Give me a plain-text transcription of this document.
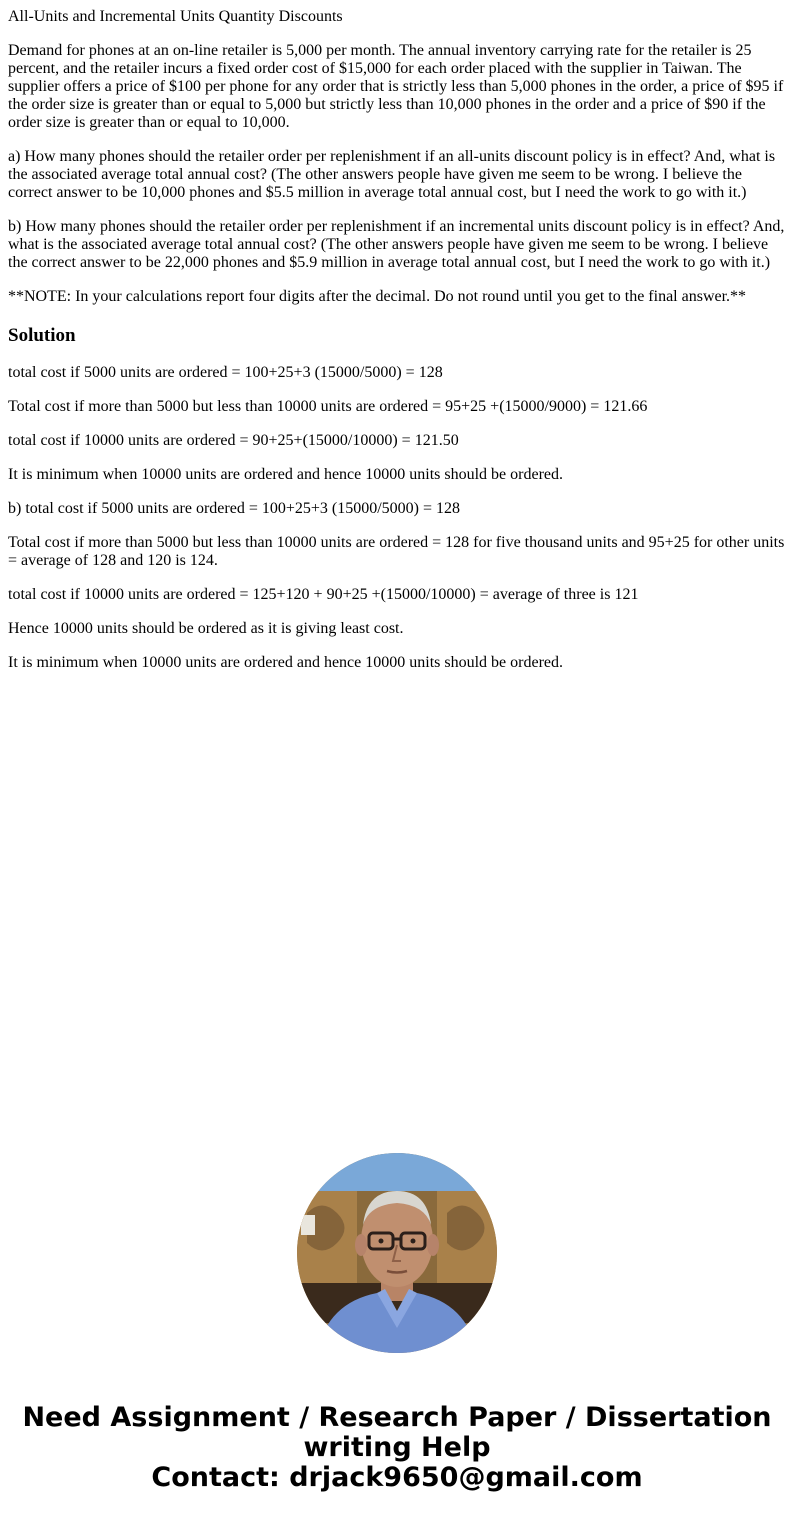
All-Units and Incremental Units Quantity Discounts

Demand for phones at an on-line retailer is 5,000 per month. The annual inventory carrying rate for the retailer is 25 percent, and the retailer incurs a fixed order cost of $15,000 for each order placed with the supplier in Taiwan. The supplier offers a price of $100 per phone for any order that is strictly less than 5,000 phones in the order, a price of $95 if the order size is greater than or equal to 5,000 but strictly less than 10,000 phones in the order and a price of $90 if the order size is greater than or equal to 10,000.

a) How many phones should the retailer order per replenishment if an all-units discount policy is in effect? And, what is the associated average total annual cost? (The other answers people have given me seem to be wrong. I believe the correct answer to be 10,000 phones and $5.5 million in average total annual cost, but I need the work to go with it.)

b) How many phones should the retailer order per replenishment if an incremental units discount policy is in effect? And, what is the associated average total annual cost? (The other answers people have given me seem to be wrong. I believe the correct answer to be 22,000 phones and $5.9 million in average total annual cost, but I need the work to go with it.)

**NOTE: In your calculations report four digits after the decimal. Do not round until you get to the final answer.**

Solution

total cost if 5000 units are ordered = 100+25+3 (15000/5000) = 128

Total cost if more than 5000 but less than 10000 units are ordered = 95+25 +(15000/9000) = 121.66

total cost if 10000 units are ordered = 90+25+(15000/10000) = 121.50

It is minimum when 10000 units are ordered and hence 10000 units should be ordered.

b) total cost if 5000 units are ordered = 100+25+3 (15000/5000) = 128

Total cost if more than 5000 but less than 10000 units are ordered = 128 for five thousand units and 95+25 for other units = average of 128 and 120 is 124.

total cost if 10000 units are ordered = 125+120 + 90+25 +(15000/10000) = average of three is 121

Hence 10000 units should be ordered as it is giving least cost.

It is minimum when 10000 units are ordered and hence 10000 units should be ordered.

Need Assignment / Research Paper / Dissertation
writing Help
Contact: drjack9650@gmail.com
